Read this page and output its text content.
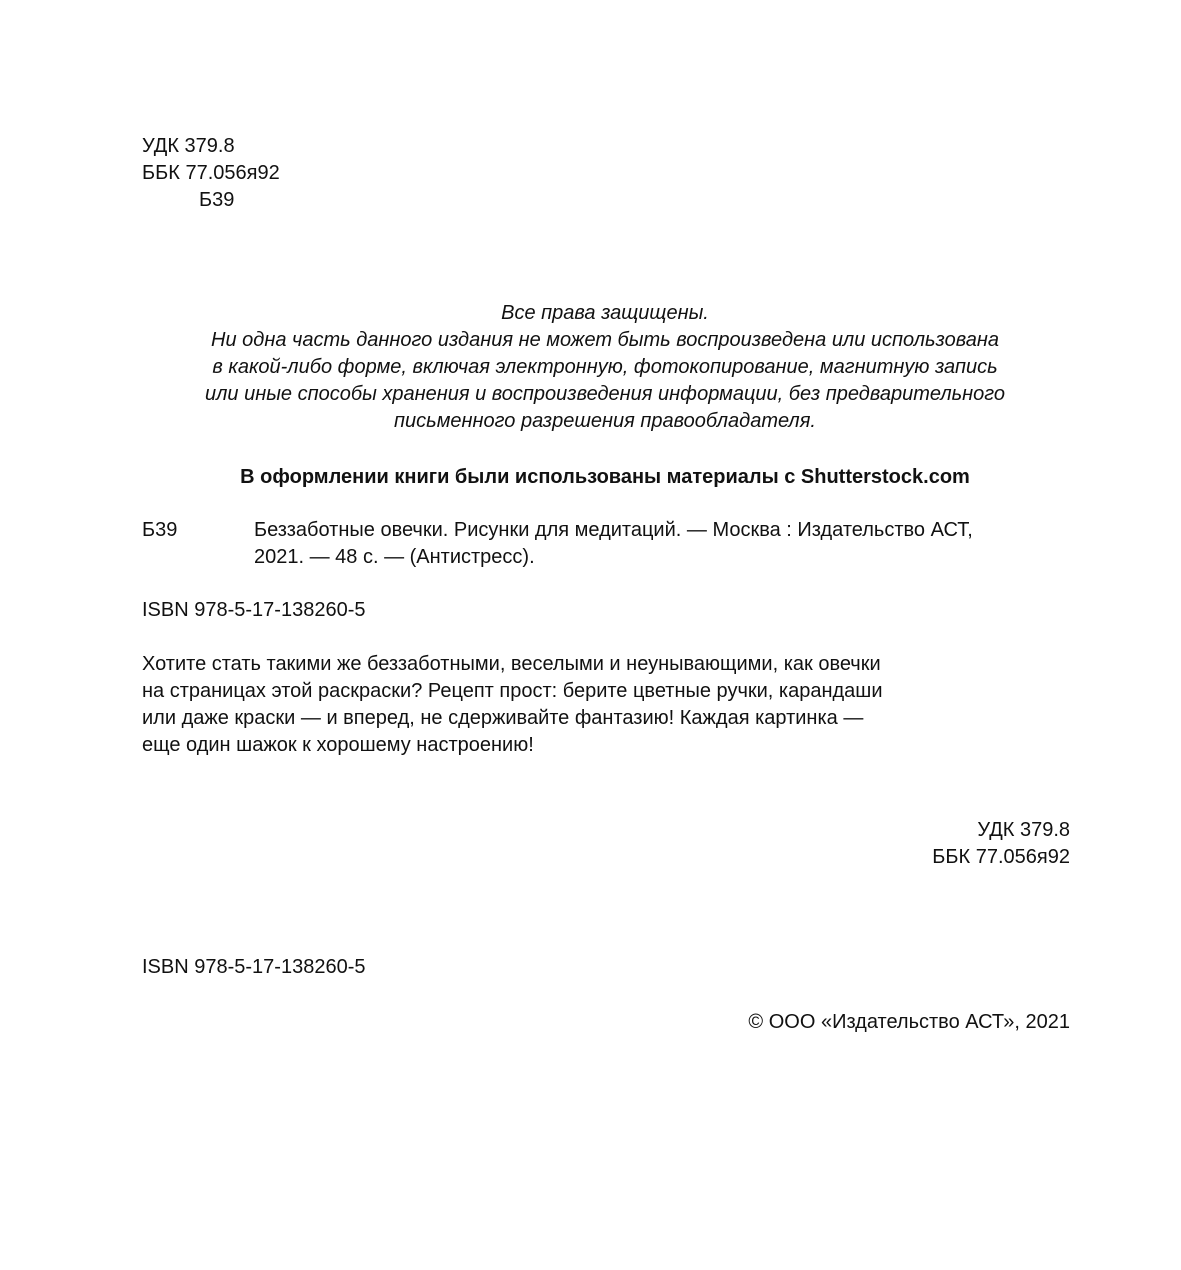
УДК 379.8
ББК 77.056я92
Б39
Все права защищены.
Ни одна часть данного издания не может быть воспроизведена или использована
в какой-либо форме, включая электронную, фотокопирование, магнитную запись
или иные способы хранения и воспроизведения информации, без предварительного
письменного разрешения правообладателя.
В оформлении книги были использованы материалы с Shutterstock.com
Б39	Беззаботные овечки. Рисунки для медитаций. — Москва : Издательство АСТ,
2021. — 48 с. — (Антистресс).
ISBN 978-5-17-138260-5
Хотите стать такими же беззаботными, веселыми и неунывающими, как овечки
на страницах этой раскраски? Рецепт прост: берите цветные ручки, карандаши
или даже краски — и вперед, не сдерживайте фантазию! Каждая картинка —
еще один шажок к хорошему настроению!
УДК 379.8
ББК 77.056я92
ISBN 978-5-17-138260-5
© ООО «Издательство АСТ», 2021
